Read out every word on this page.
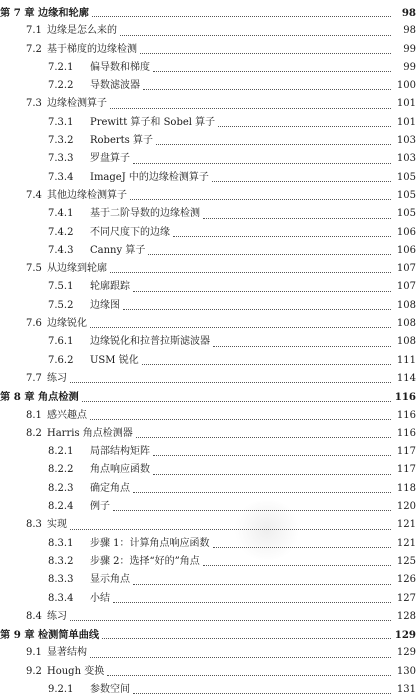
第 7 章 边缘和轮廓	98
7.1 边缘是怎么来的	98
7.2 基于梯度的边缘检测	99
7.2.1	偏导数和梯度	99
7.2.2	导数滤波器	100
7.3 边缘检测算子	101
7.3.1	Prewitt 算子和 Sobel 算子	101
7.3.2	Roberts 算子	103
7.3.3	罗盘算子	103
7.3.4	ImageJ 中的边缘检测算子	105
7.4 其他边缘检测算子	105
7.4.1	基于二阶导数的边缘检测	105
7.4.2	不同尺度下的边缘	106
7.4.3	Canny 算子	106
7.5 从边缘到轮廓	107
7.5.1	轮廓跟踪	107
7.5.2	边缘图	108
7.6 边缘锐化	108
7.6.1	边缘锐化和拉普拉斯滤波器	108
7.6.2	USM 锐化	111
7.7 练习	114
第 8 章 角点检测	116
8.1 感兴趣点	116
8.2 Harris 角点检测器	116
8.2.1	局部结构矩阵	117
8.2.2	角点响应函数	117
8.2.3	确定角点	118
8.2.4	例子	120
8.3 实现	121
8.3.1	步骤 1：计算角点响应函数	121
8.3.2	步骤 2：选择“好的”角点	125
8.3.3	显示角点	126
8.3.4	小结	127
8.4 练习	128
第 9 章 检测简单曲线	129
9.1 显著结构	129
9.2 Hough 变换	130
9.2.1	参数空间	131
